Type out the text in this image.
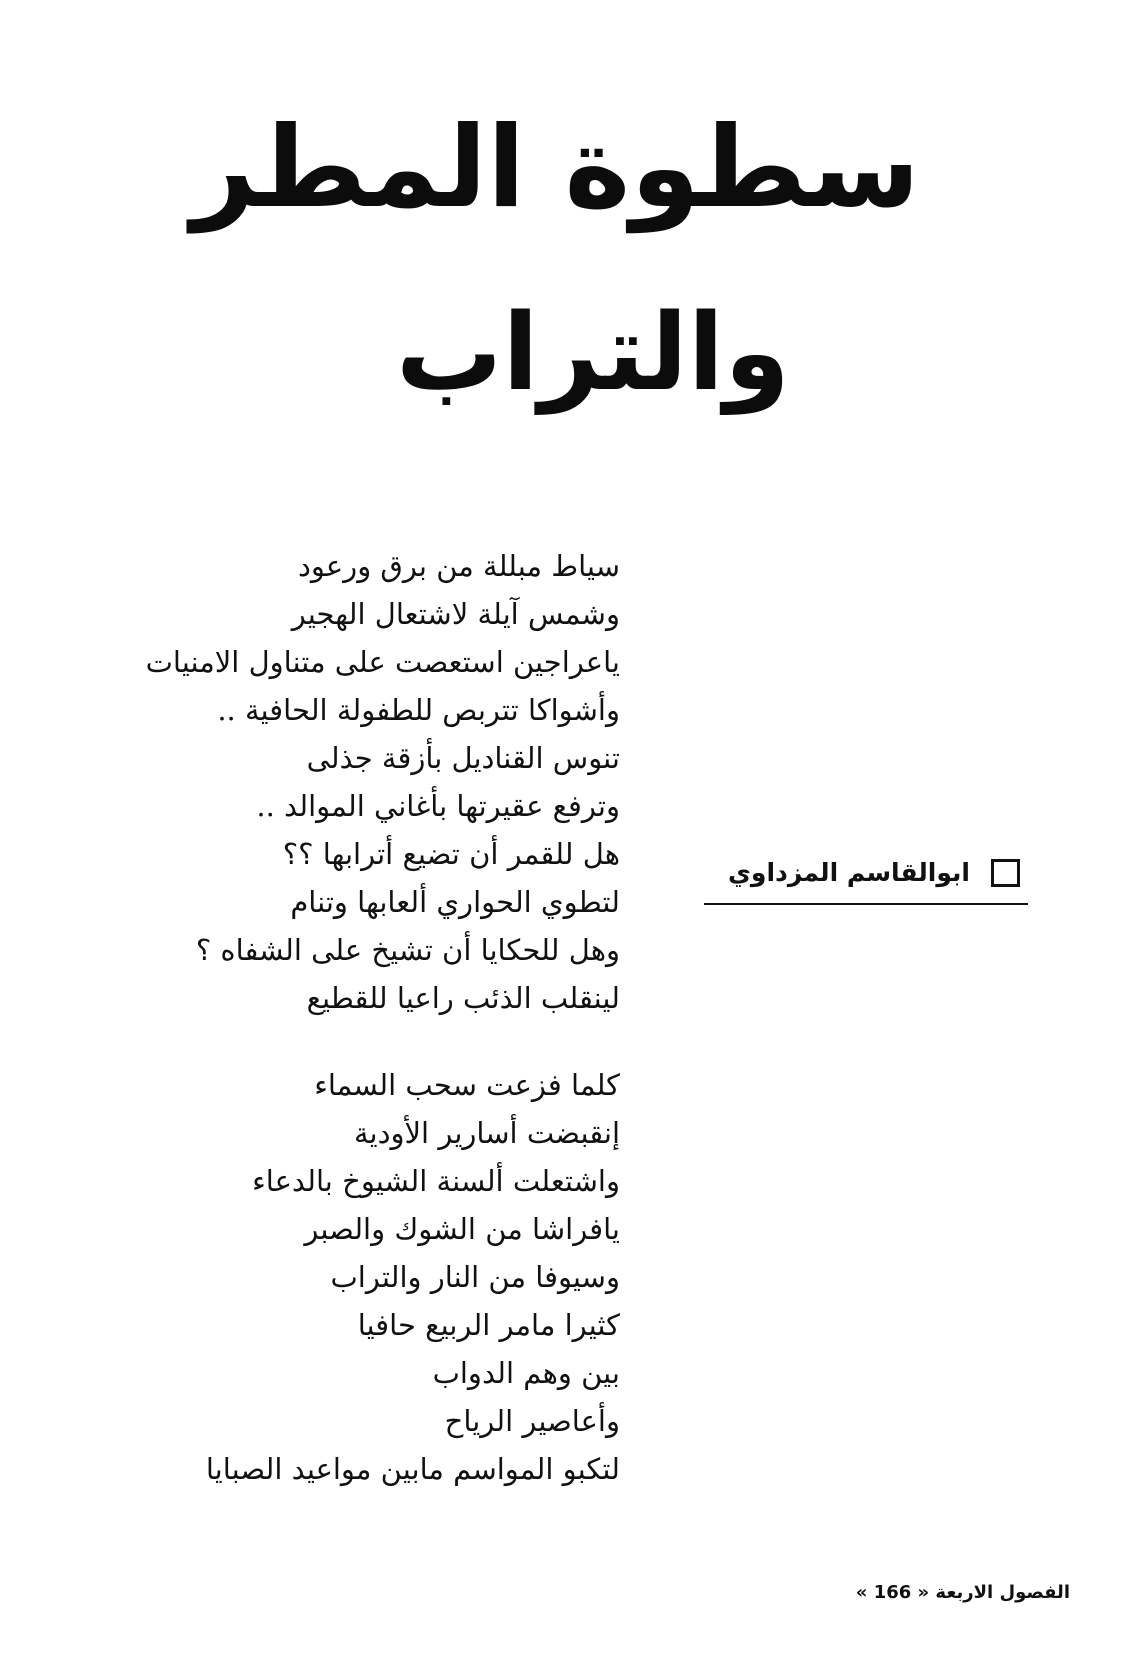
سطوة المطر
والتراب
سياط مبللة من برق ورعود
وشمس آيلة لاشتعال الهجير
ياعراجين استعصت على متناول الامنيات
وأشواكا تتربص للطفولة الحافية ..
تنوس القناديل بأزقة جذلى
وترفع عقيرتها بأغاني الموالد ..
هل للقمر أن تضيع أترابها ؟؟
لتطوي الحواري ألعابها وتنام
وهل للحكايا أن تشيخ على الشفاه ؟
لينقلب الذئب راعيا للقطيع
كلما فزعت سحب السماء
إنقبضت أسارير الأودية
واشتعلت ألسنة الشيوخ بالدعاء
يافراشا من الشوك والصبر
وسيوفا من النار والتراب
كثيرا مامر الربيع حافيا
بين وهم الدواب
وأعاصير الرياح
لتكبو المواسم مابين مواعيد الصبايا
ابوالقاسم المزداوي
الفصول الاربعة « 166 »
